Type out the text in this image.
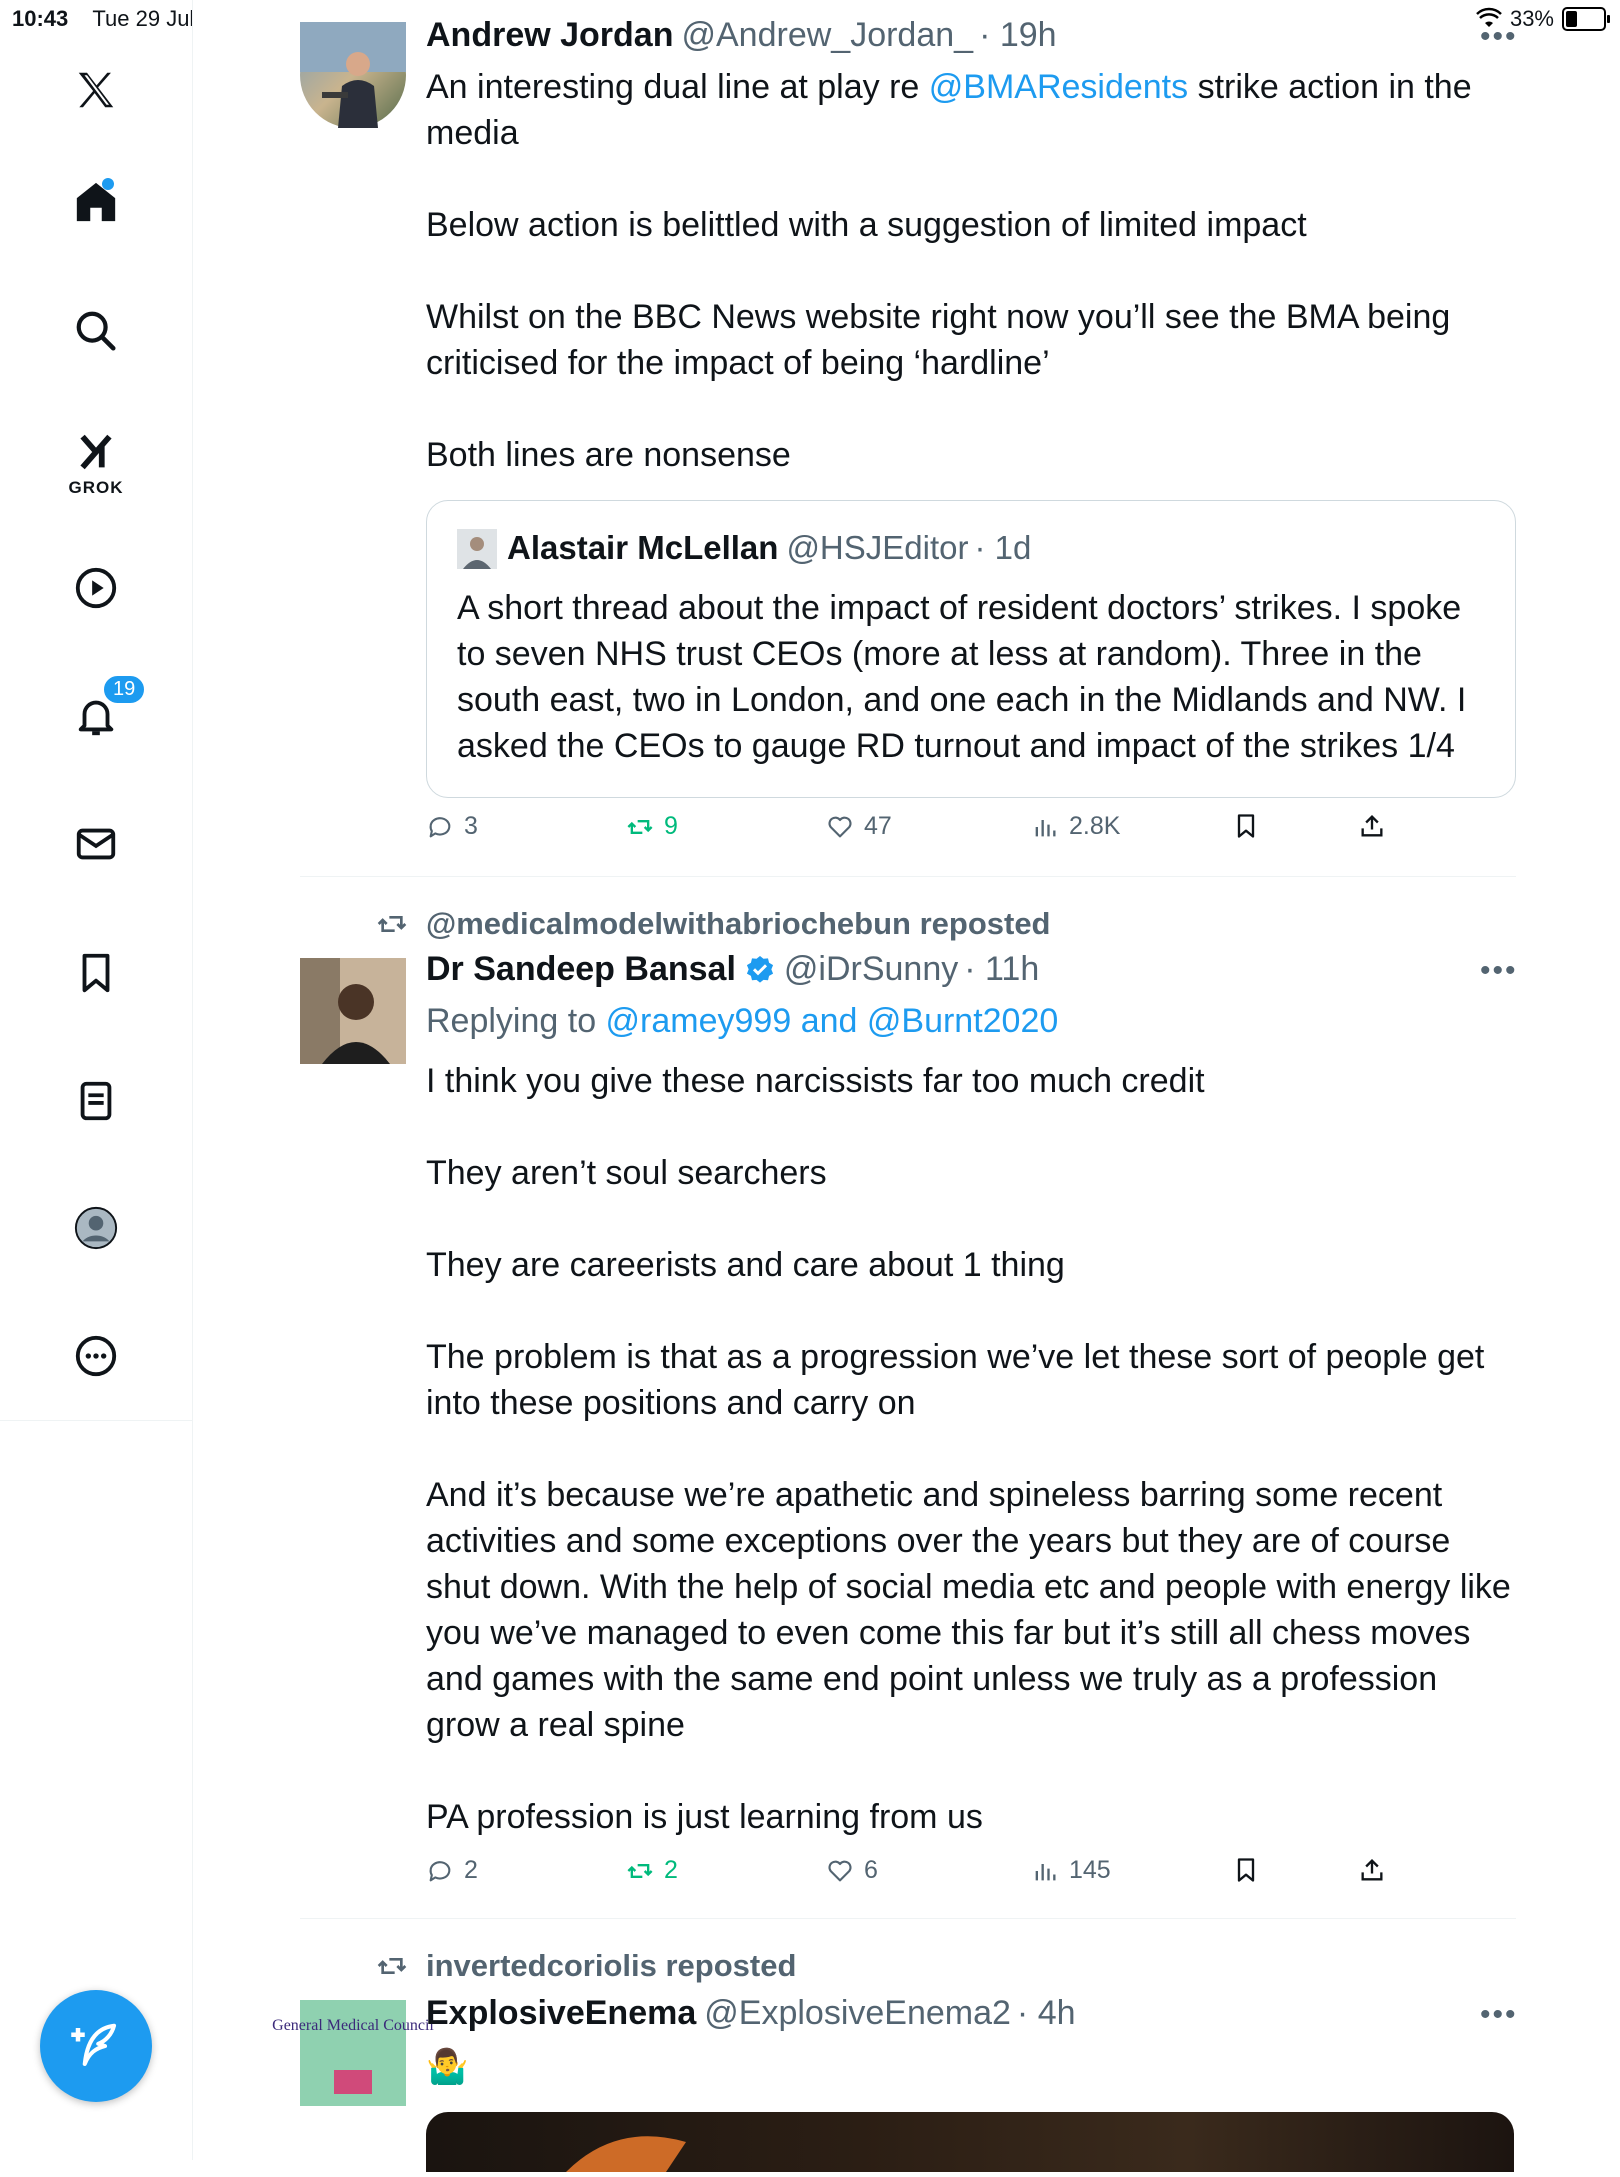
10:43 Tue 29 Jul	33%
GROK
19
Andrew Jordan @Andrew_Jordan_ · 19h	•••
An interesting dual line at play re @BMAResidents strike action in the media

Below action is belittled with a suggestion of limited impact

Whilst on the BBC News website right now you’ll see the BMA being criticised for the impact of being ‘hardline’

Both lines are nonsense
Alastair McLellan @HSJEditor · 1d
A short thread about the impact of resident doctors’ strikes. I spoke to seven NHS trust CEOs (more at less at random). Three in the south east, two in London, and one each in the Midlands and NW. I asked the CEOs to gauge RD turnout and impact of the strikes 1/4
3	9	47	2.8K
@medicalmodelwithabriochebun reposted
Dr Sandeep Bansal @iDrSunny · 11h	•••
Replying to @ramey999 and @Burnt2020
I think you give these narcissists far too much credit

They aren’t soul searchers

They are careerists and care about 1 thing

The problem is that as a progression we’ve let these sort of people get into these positions and carry on

And it’s because we’re apathetic and spineless barring some recent activities and some exceptions over the years but they are of course shut down. With the help of social media etc and people with energy like you we’ve managed to even come this far but it’s still all chess moves and games with the same end point unless we truly as a profession grow a real spine

PA profession is just learning from us
2	2	6	145
invertedcoriolis reposted
General Medical Council
ExplosiveEnema @ExplosiveEnema2 · 4h	•••
🤷‍♂️
